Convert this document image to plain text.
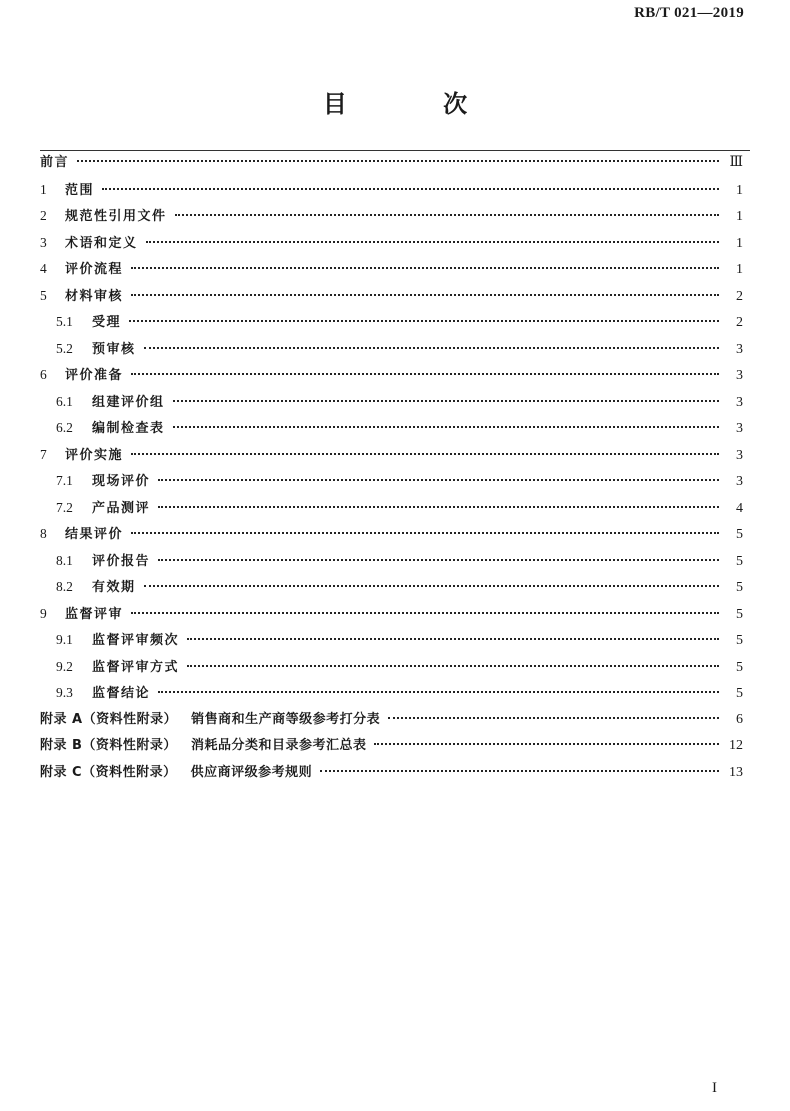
RB/T 021—2019
目 次
前言	Ⅲ
1	范围	1
2	规范性引用文件	1
3	术语和定义	1
4	评价流程	1
5	材料审核	2
5.1	受理	2
5.2	预审核	3
6	评价准备	3
6.1	组建评价组	3
6.2	编制检查表	3
7	评价实施	3
7.1	现场评价	3
7.2	产品测评	4
8	结果评价	5
8.1	评价报告	5
8.2	有效期	5
9	监督评审	5
9.1	监督评审频次	5
9.2	监督评审方式	5
9.3	监督结论	5
附录 A（资料性附录） 销售商和生产商等级参考打分表	6
附录 B（资料性附录） 消耗品分类和目录参考汇总表	12
附录 C（资料性附录） 供应商评级参考规则	13
I
